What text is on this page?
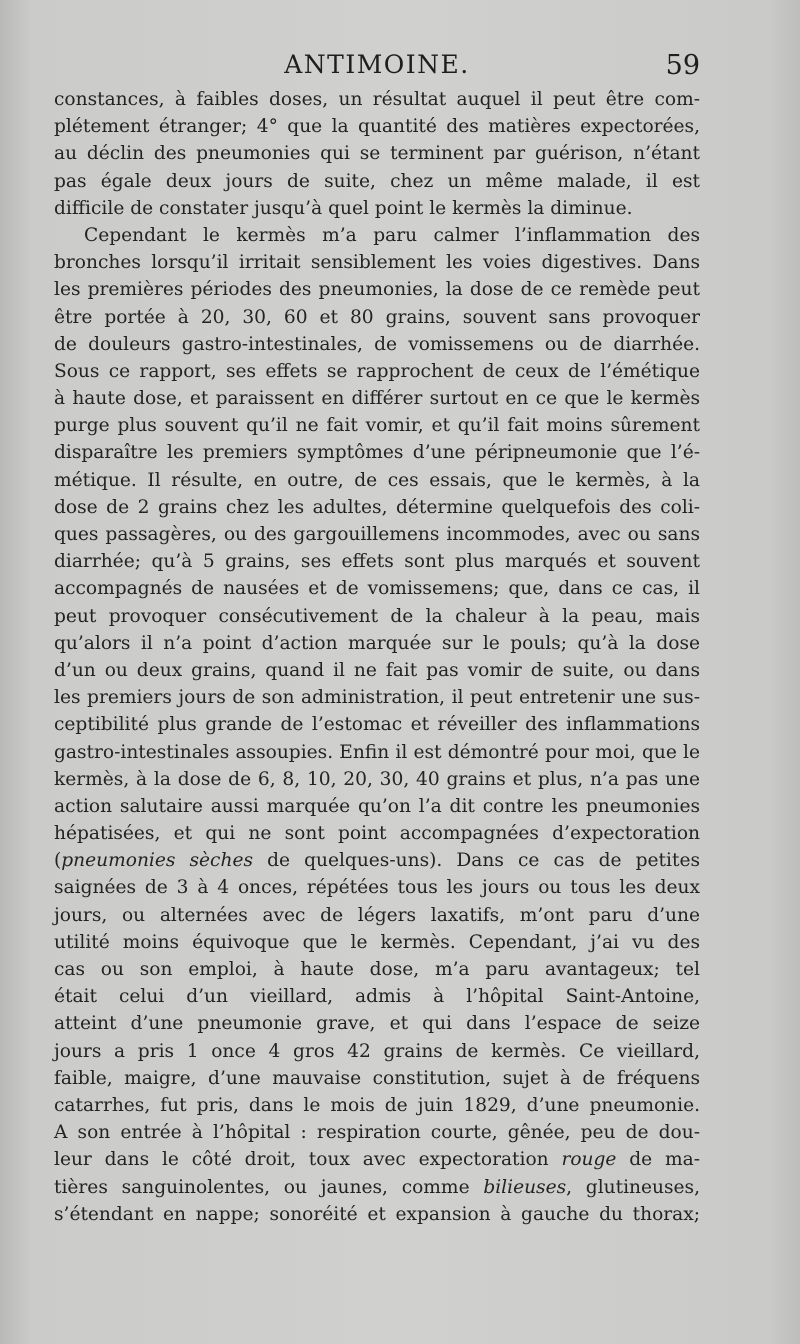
ANTIMOINE.	59
constances, à faibles doses, un résultat auquel il peut être com-
plétement étranger; 4° que la quantité des matières expectorées,
au déclin des pneumonies qui se terminent par guérison, n’étant
pas égale deux jours de suite, chez un même malade, il est
difficile de constater jusqu’à quel point le kermès la diminue.
Cependant le kermès m’a paru calmer l’inflammation des
bronches lorsqu’il irritait sensiblement les voies digestives. Dans
les premières périodes des pneumonies, la dose de ce remède peut
être portée à 20, 30, 60 et 80 grains, souvent sans provoquer
de douleurs gastro-intestinales, de vomissemens ou de diarrhée.
Sous ce rapport, ses effets se rapprochent de ceux de l’émétique
à haute dose, et paraissent en différer surtout en ce que le kermès
purge plus souvent qu’il ne fait vomir, et qu’il fait moins sûrement
disparaître les premiers symptômes d’une péripneumonie que l’é-
métique. Il résulte, en outre, de ces essais, que le kermès, à la
dose de 2 grains chez les adultes, détermine quelquefois des coli-
ques passagères, ou des gargouillemens incommodes, avec ou sans
diarrhée; qu’à 5 grains, ses effets sont plus marqués et souvent
accompagnés de nausées et de vomissemens; que, dans ce cas, il
peut provoquer consécutivement de la chaleur à la peau, mais
qu’alors il n’a point d’action marquée sur le pouls; qu’à la dose
d’un ou deux grains, quand il ne fait pas vomir de suite, ou dans
les premiers jours de son administration, il peut entretenir une sus-
ceptibilité plus grande de l’estomac et réveiller des inflammations
gastro-intestinales assoupies. Enfin il est démontré pour moi, que le
kermès, à la dose de 6, 8, 10, 20, 30, 40 grains et plus, n’a pas une
action salutaire aussi marquée qu’on l’a dit contre les pneumonies
hépatisées, et qui ne sont point accompagnées d’expectoration
(pneumonies sèches de quelques-uns). Dans ce cas de petites
saignées de 3 à 4 onces, répétées tous les jours ou tous les deux
jours, ou alternées avec de légers laxatifs, m’ont paru d’une
utilité moins équivoque que le kermès. Cependant, j’ai vu des
cas ou son emploi, à haute dose, m’a paru avantageux; tel
était celui d’un vieillard, admis à l’hôpital Saint-Antoine,
atteint d’une pneumonie grave, et qui dans l’espace de seize
jours a pris 1 once 4 gros 42 grains de kermès. Ce vieillard,
faible, maigre, d’une mauvaise constitution, sujet à de fréquens
catarrhes, fut pris, dans le mois de juin 1829, d’une pneumonie.
A son entrée à l’hôpital : respiration courte, gênée, peu de dou-
leur dans le côté droit, toux avec expectoration rouge de ma-
tières sanguinolentes, ou jaunes, comme bilieuses, glutineuses,
s’étendant en nappe; sonoréité et expansion à gauche du thorax;
